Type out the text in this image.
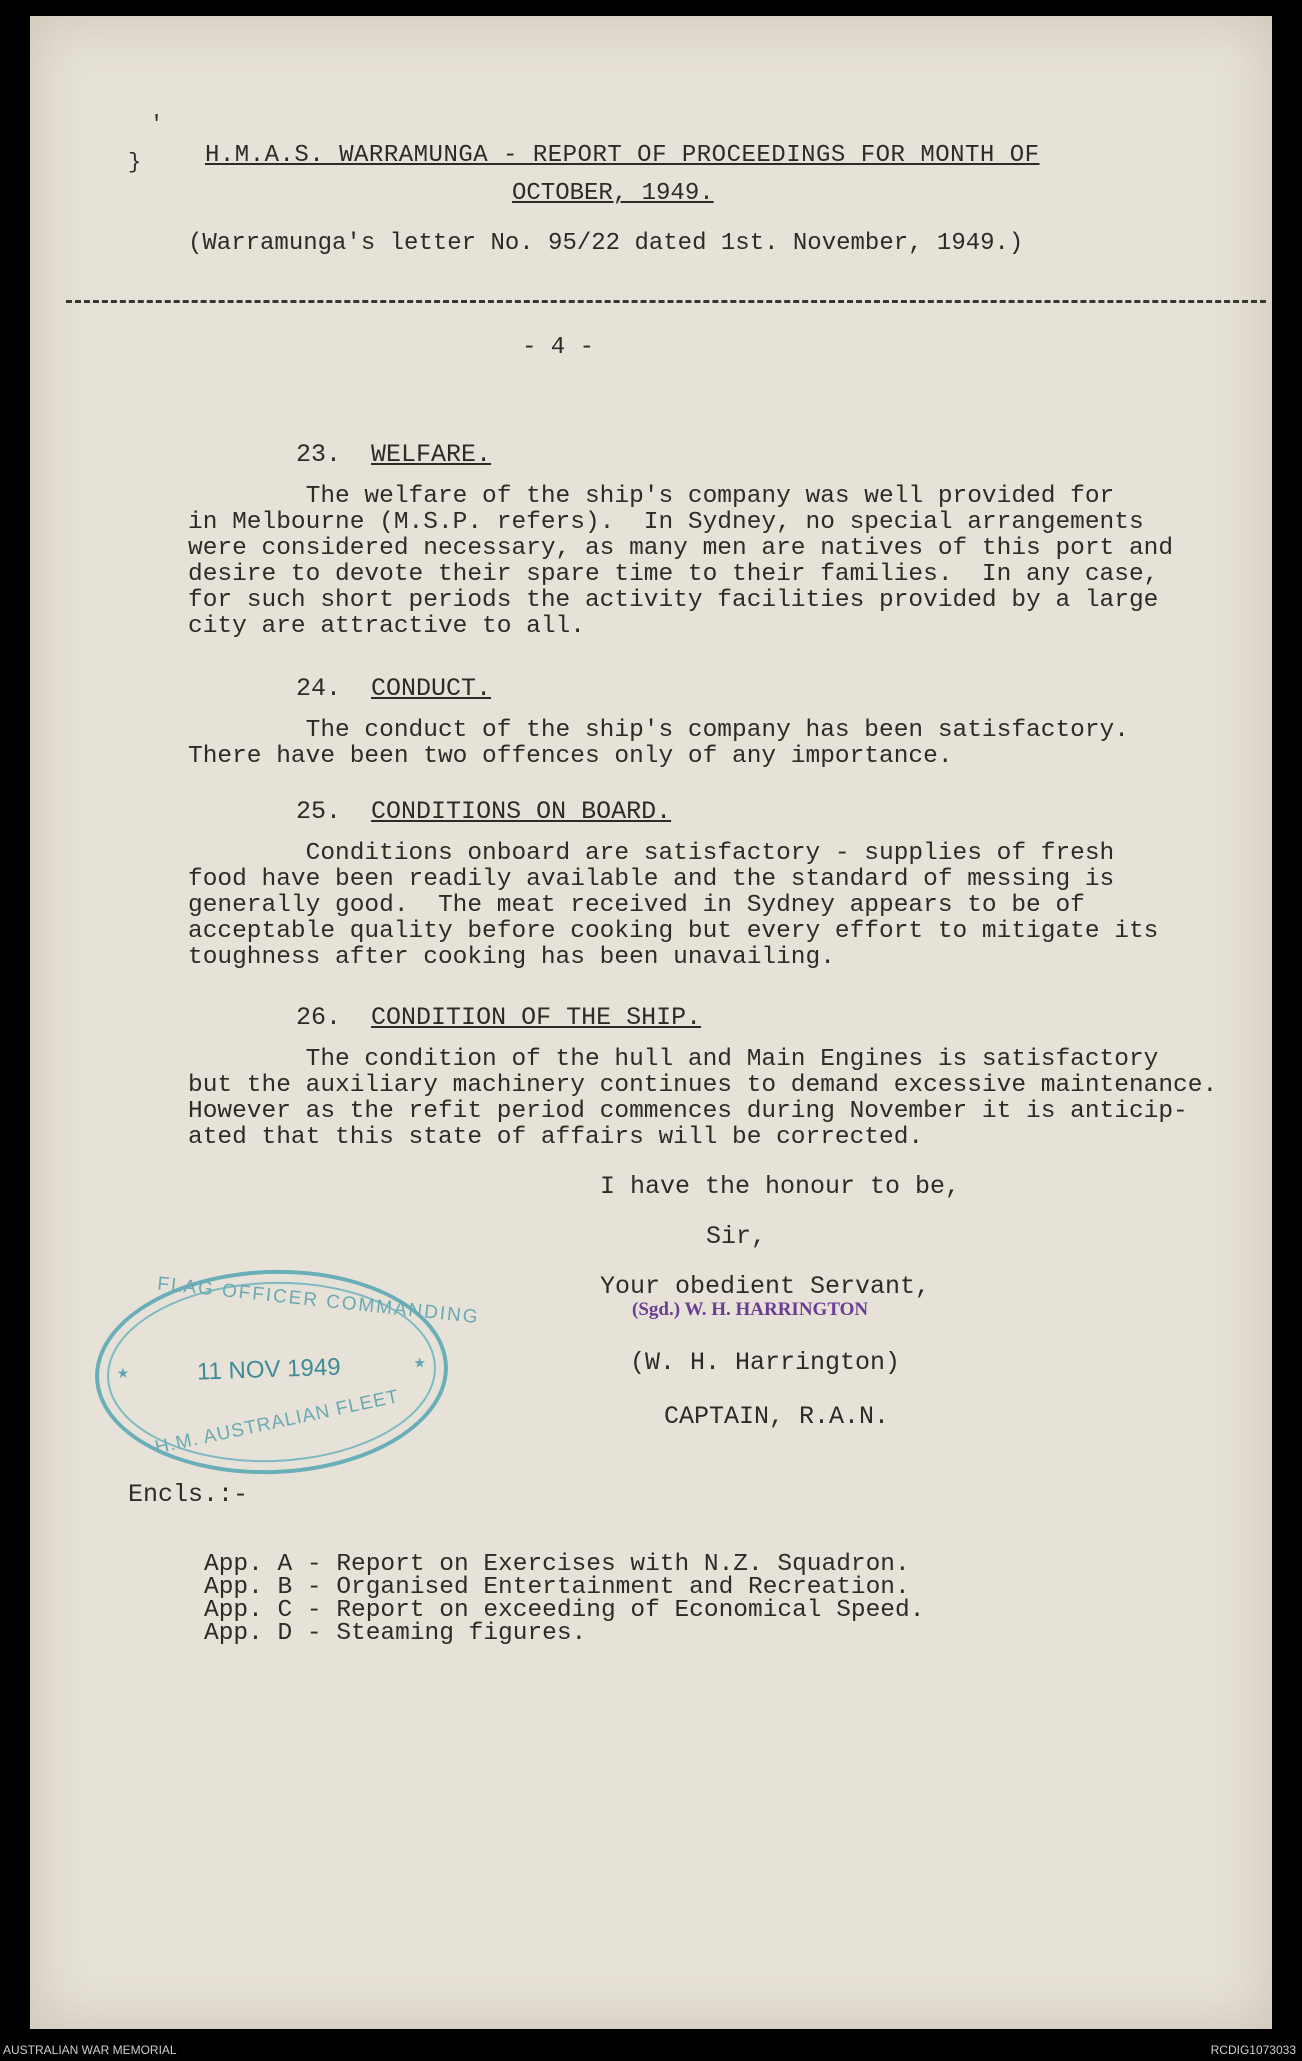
H.M.A.S. WARRAMUNGA - REPORT OF PROCEEDINGS FOR MONTH OF
OCTOBER, 1949.
(Warramunga's letter No. 95/22 dated 1st. November, 1949.)
- 4 -

23. WELFARE.

The welfare of the ship's company was well provided for
in Melbourne (M.S.P. refers).  In Sydney, no special arrangements
were considered necessary, as many men are natives of this port and
desire to devote their spare time to their families.  In any case,
for such short periods the activity facilities provided by a large
city are attractive to all.

24. CONDUCT.

The conduct of the ship's company has been satisfactory.
There have been two offences only of any importance.

25. CONDITIONS ON BOARD.

Conditions onboard are satisfactory - supplies of fresh
food have been readily available and the standard of messing is
generally good.  The meat received in Sydney appears to be of
acceptable quality before cooking but every effort to mitigate its
toughness after cooking has been unavailing.

26. CONDITION OF THE SHIP.

The condition of the hull and Main Engines is satisfactory
but the auxiliary machinery continues to demand excessive maintenance.
However as the refit period commences during November it is anticip-
ated that this state of affairs will be corrected.

I have the honour to be,
Sir,
Your obedient Servant,
(Sgd.) W. H. HARRINGTON
(W. H. Harrington)
CAPTAIN, R.A.N.
FLAG OFFICER COMMANDING
★	11 NOV 1949	★
H.M. AUSTRALIAN FLEET
Encls.:-

App. A - Report on Exercises with N.Z. Squadron.
App. B - Organised Entertainment and Recreation.
App. C - Report on exceeding of Economical Speed.
App. D - Steaming figures.

'
}
AUSTRALIAN WAR MEMORIAL	RCDIG1073033
